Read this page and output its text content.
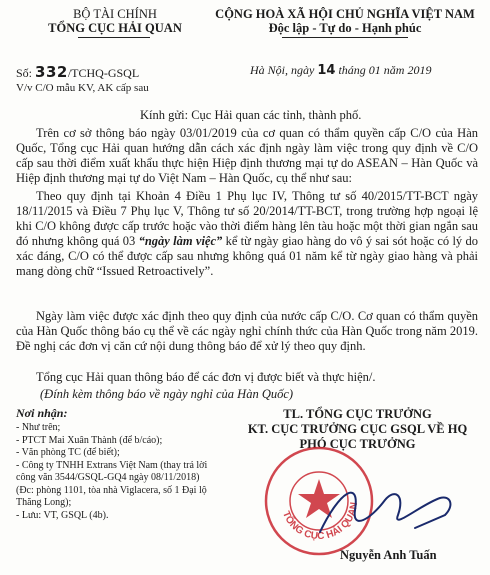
BỘ TÀI CHÍNH
TỔNG CỤC HẢI QUAN
Số: 332/TCHQ-GSQL
V/v C/O mẫu KV, AK cấp sau
CỘNG HOÀ XÃ HỘI CHỦ NGHĨA VIỆT NAM
Độc lập - Tự do - Hạnh phúc
Hà Nội, ngày 14 tháng 01 năm 2019
Kính gửi: Cục Hải quan các tỉnh, thành phố.
Trên cơ sở thông báo ngày 03/01/2019 của cơ quan có thẩm quyền cấp C/O của Hàn Quốc, Tổng cục Hải quan hướng dẫn cách xác định ngày làm việc trong quy định về C/O cấp sau thời điểm xuất khẩu thực hiện Hiệp định thương mại tự do ASEAN – Hàn Quốc và Hiệp định thương mại tự do Việt Nam – Hàn Quốc, cụ thể như sau:
Theo quy định tại Khoản 4 Điều 1 Phụ lục IV, Thông tư số 40/2015/TT-BCT ngày 18/11/2015 và Điều 7 Phụ lục V, Thông tư số 20/2014/TT-BCT, trong trường hợp ngoại lệ khi C/O không được cấp trước hoặc vào thời điểm hàng lên tàu hoặc một thời gian ngắn sau đó nhưng không quá 03 “ngày làm việc” kể từ ngày giao hàng do vô ý sai sót hoặc có lý do xác đáng, C/O có thể được cấp sau nhưng không quá 01 năm kể từ ngày giao hàng và phải mang dòng chữ “Issued Retroactively”.
Ngày làm việc được xác định theo quy định của nước cấp C/O. Cơ quan có thẩm quyền của Hàn Quốc thông báo cụ thể về các ngày nghỉ chính thức của Hàn Quốc trong năm 2019. Đề nghị các đơn vị căn cứ nội dung thông báo để xử lý theo quy định.
Tổng cục Hải quan thông báo để các đơn vị được biết và thực hiện/.
(Đính kèm thông báo về ngày nghỉ của Hàn Quốc)
Nơi nhận:
- Như trên;
- PTCT Mai Xuân Thành (để b/cáo);
- Văn phòng TC (để biết);
- Công ty TNHH Extrans Việt Nam (thay trả lời công văn 3544/GSQL-GQ4 ngày 08/11/2018)
(Đc: phòng 1101, tòa nhà Viglacera, số 1 Đại lộ Thăng Long);
- Lưu: VT, GSQL (4b).
TL. TỔNG CỤC TRƯỞNG
KT. CỤC TRƯỞNG CỤC GSQL VỀ HQ
PHÓ CỤC TRƯỞNG
TỔNG CỤC HẢI QUAN
Nguyễn Anh Tuấn
